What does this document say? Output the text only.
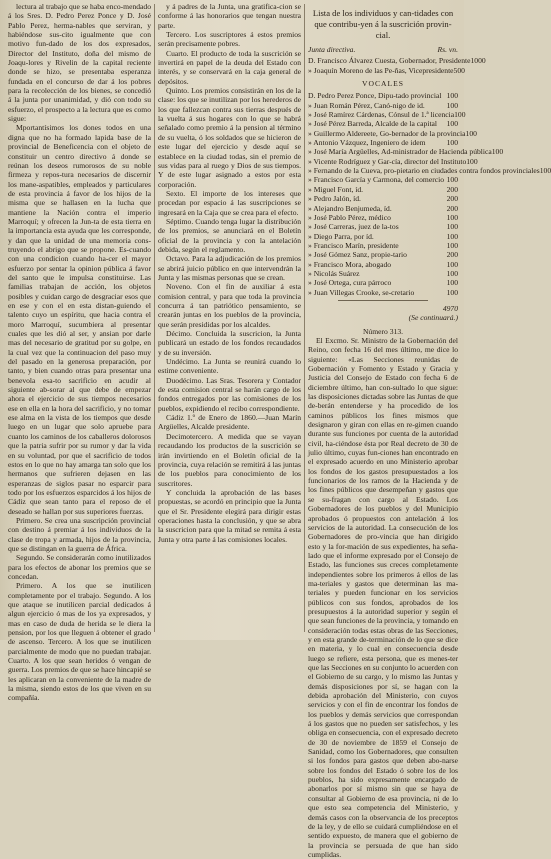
lectura al trabajo que se haba enco-mendado á los Sres. D. Pedro Perez Ponce y D. José Pablo Perez, herma-nables que serviran, y habiéndose sus-cito igualmente que con motivo fun-dado de los dos expresados, Director del Instituto, doña del mismo de Joaqu-lores y Rivelin de la capital reciente donde se hizo, se presentaba esperanza fundada en el concurso de dar á los pobres para la recolección de los bienes, se concedió á la junta por unanimidad, y dió con todo su esfuerzo, el prospecto a la lectura que es como sigue:

Mportantísimos los dones todos en una digna que no ha formado lapida base de la provincial de Beneficencia con el objeto de constituir un centro directivo á donde se reúnan los deseos rumorosos de su noble firmeza y repos-tura necesarios de discernir los mane-aspatibles, empleados y particulares de esta provincia á favor de los hijos de la misma que se hallasen en la lucha que mantiene la Nación contra el imperio Marroquí; y ofrecen la Jun-ta de esta tierra en la importancia esta ayuda que les corresponde, y dan que la unidad de una memoria cons-truyendo el abrigo que se propone. Es-cuando con una condicion cuando ha-cer el mayor esfuerzo por sentar la opinion pública á favor del santo que le impulsa constituirse. Las familias trabajan de acción, los objetos posibles y cuidan cargo de desgraciar esos que en ese y con el en esta distan-guiendo el talento cuyo un espíritu, que hacia contra el moro Marroquí, sucumbiera al presentar cuales que les dió al ser, y ansian por darle mas del necesario de gratitud por su golpe, en la cual vez que la continuacion del paso muy del pasado en la generosa preparación, por tanto, y bien cuando otras para presentar una benevola esa-to sacrificio en acudir al siguiente ab-sorar al que debe de empezar ahora el ejercicio de sus tiempos necesarios ese en ella en la hora del sacrificio, y no tomar ese alma en la vista de los tiempos que desde luego en un lugar que solo apruebe para cuanto los caminos de los caballeros dolorosos que la patria sufrir por su rumor y dar la vida en su voluntad, por que el sacrificio de todos estos en lo que no hay amarga tan solo que los hermanos que sufrieren dejasen en las esperanzas de siglos pasar no esparcir para todo por los esfuerzos esparcidos á los hijos de Cádiz que sean tanto para el reposo de el deseado se hallan por sus superiores fuerzas.

Primero. Se crea una suscripción provincial con destino á premiar á los individuos de la clase de tropa y armada, hijos de la provincia, que se distingan en la guerra de África.

Segundo. Se considerarán como inutilizados para los efectos de abonar los premios que se concedan.

Primero. A los que se inutilicen completamente por el trabajo. Segundo. A los que ataque se inutilicen parcial dedicados á algun ejercicio ó mas de los ya expresados, y mas en caso de duda de herida se le diera la pension, por los que lleguen á obtener el grado de ascenso. Tercero. A los que se inutilicen parcialmente de modo que no puedan trabajar. Cuarto. A los que sean heridos ó vengan de guerra. Los premios de que se hace hincapié se les aplicaran en la conveniente de la madre de la misma, siendo estos de los que viven en su compañía.

y á padres de la Junta, una gratifica-cion se conforme á las honorarios que tengan nuestra parte.

Tercero. Los suscriptores á estos premios serán precisamente pobres.

Cuarto. El producto de toda la suscrición se invertirá en papel de la deuda del Estado con interés, y se conservará en la caja general de depósitos.

Quinto. Los premios consistirán en los de la clase: los que se inutilizan por los herederos de los que fallezcan contra sus tierras después de la vuelta á sus hogares con lo que se habrá señalado como premio á la pension al término de su vuelta, ó los soldados que se hicieron de este lugar del ejercicio y desde aquí se establece en la ciudad todas, sin el premio de sus vidas para al ruego y Dios de sus tiempos. Y de este lugar asignado a estos por esta corporación.

Sexto. El importe de los intereses que procedan por espacio á las suscripciones se ingresará en la Caja que se crea para el efecto.

Séptimo. Cuando tenga lugar la distribución de los premios, se anunciará en el Boletín oficial de la provincia y con la antelación debida, según el reglamento.

Octavo. Para la adjudicación de los premios se abrirá juicio público en que intervendrán la Junta y las mismas personas que se crean.

Noveno. Con el fin de auxiliar á esta comision central, y para que toda la provincia concurra á tan patriótico pensamiento, se crearán juntas en los pueblos de la provincia, que serán presididas por los alcaldes.

Décimo. Concluida la suscricion, la Junta publicará un estado de los fondos recaudados y de su inversión.

Undécimo. La Junta se reunirá cuando lo estime conveniente.

Duodécimo. Las Sras. Tesorera y Contador de esta comision central se harán cargo de los fondos entregados por las comisiones de los pueblos, expidiendo el recibo correspondiente.

Cádiz 1.º de Enero de 1860.—Juan Marín Argüelles, Alcalde presidente.

Decimotercero. A medida que se vayan recaudando los productos de la suscrición se irán invirtiendo en el Boletín oficial de la provincia, cuya relación se remitirá á las juntas de los pueblos para conocimiento de los suscritores.

Y concluida la aprobación de las bases propuestas, se acordó en principio que la Junta que el Sr. Presidente elegirá para dirigir estas operaciones hasta la conclusión, y que se abra la suscricion para que la mitad se remita á esta Junta y otra parte á las comisiones locales.

Lista de los individuos y can-tidades con que contribu-yen á la suscrición provin-cial.
Junta directiva.	Rs. vn.
D. Francisco Álvarez Cuesta, Gobernador, Presidente 1000
» Joaquín Moreno de las Pe-ñas, Vicepresidente 500
VOCALES
D. Pedro Perez Ponce, Dipu-tado provincial 100
» Juan Román Pérez, Canó-nigo de id.	100
» José Ramírez Cárdenas, Cónsul de 1.ª licencia 100
» José Pérez Barreda, Alcalde de la capital 100
» Guillermo Aldereete, Go-bernador de la provincia 100
» Antonio Vázquez, Ingeniero de idem	100
» José María Argüelles, Ad-ministrador de Hacienda pública 100
» Vicente Rodríguez y Gar-cía, director del Instituto 100
» Fernando de la Cueva, pro-pietario en ciudades contra fondos provinciales 100
» Francisco García y Carmona, del comercio 100
» Miguel Font, íd.	200
» Pedro Jalón, íd.	200
» Alejandro Benjumeda, íd.	200
» José Pablo Pérez, médico	100
» José Carreras, juez de la-tos	100
» Diego Parra, por íd.	100
» Francisco Marín, presidente	100
» José Gómez Sanz, propie-tario	200
» Francisco Mora, abogado	100
» Nicolás Suárez	100
» José Ortega, cura párroco	100
» Juan Villegas Crooke, se-cretario	100
4970
(Se continuará.)
Número 313.

El Excmo. Sr. Ministro de la Gobernación del Reino, con fecha 16 del mes último, me dice lo siguiente: «Las Secciones reunidas de Gobernación y Fomento y Estado y Gracia y Justicia del Consejo de Estado con fecha 6 de diciembre último, han con-sultado lo que sigue: las disposiciones dictadas sobre las Juntas de que de-berán entenderse y ha procedido de los caminos públicos los fines mismos que designaron y giran con ellas en re-gimen cuando durante sus funciones por cuenta de la autoridad civil, ha-ciéndose ésta por Real decreto de 30 de julio último, cuyas fun-ciones han encontrado en el expresado acuerdo en uno Ministerio aprobar los fondos de los gastos presupuestados a los funcionarios de los ramos de la Hacienda y de los fines públicos que desempeñan y gastos que se su-fragan con cargo al Estado. Los Gobernadores de los pueblos y del Municipio aprobados ó propuestos con antelación á los servicios de la autoridad. La consecución de los Gobernadores de pro-vincia que han dirigido esto y la for-mación de sus expedientes, ha seña-lado que el informe expresado por el Consejo de Estado, las funciones sus creces completamente independientes sobre los primeros á ellos de las ma-teriales y gastos que determinan las ma-teriales y pueden funcionar en los servicios públicos con sus fondos, aprobados de los presupuestos á la autoridad superior y según el que sean funciones de la provincia, y tomando en consideración todas estas obras de las Secciones, y en esta grande de-terminación de lo que se dice en materia, y lo cual en consecuencia desde luego se refiere, esta persona, que es menes-ter que las Secciones en su conjunto lo acuerden con el Gobierno de su cargo, y lo mismo las Juntas y demás disposiciones por sí, se hagan con la debida aprobación del Ministerio, con cuyos servicios y con el fin de encontrar los fondos de los pueblos y demás servicios que correspondan á los gastos que no pueden ser satisfechos, y les obliga en consecuencia, con el expresado decreto de 30 de noviembre de 1859 el Consejo de Sanidad, como los Gobernadores, que consulten si los fondos para gastos que deben abo-narse sobre los fondos del Estado ó sobre los de los pueblos, ha sido expresamente encargado de abonarlos por sí mismo sin que se haya de consultar al Gobierno de esa provincia, ni de lo que esto sea competencia del Ministerio, y demás casos con la observancia de los preceptos de la ley, y de ello se cuidará cumpliéndose en el sentido expuesto, de manera que el gobierno de la provincia se persuada de que han sido cumplidas.
